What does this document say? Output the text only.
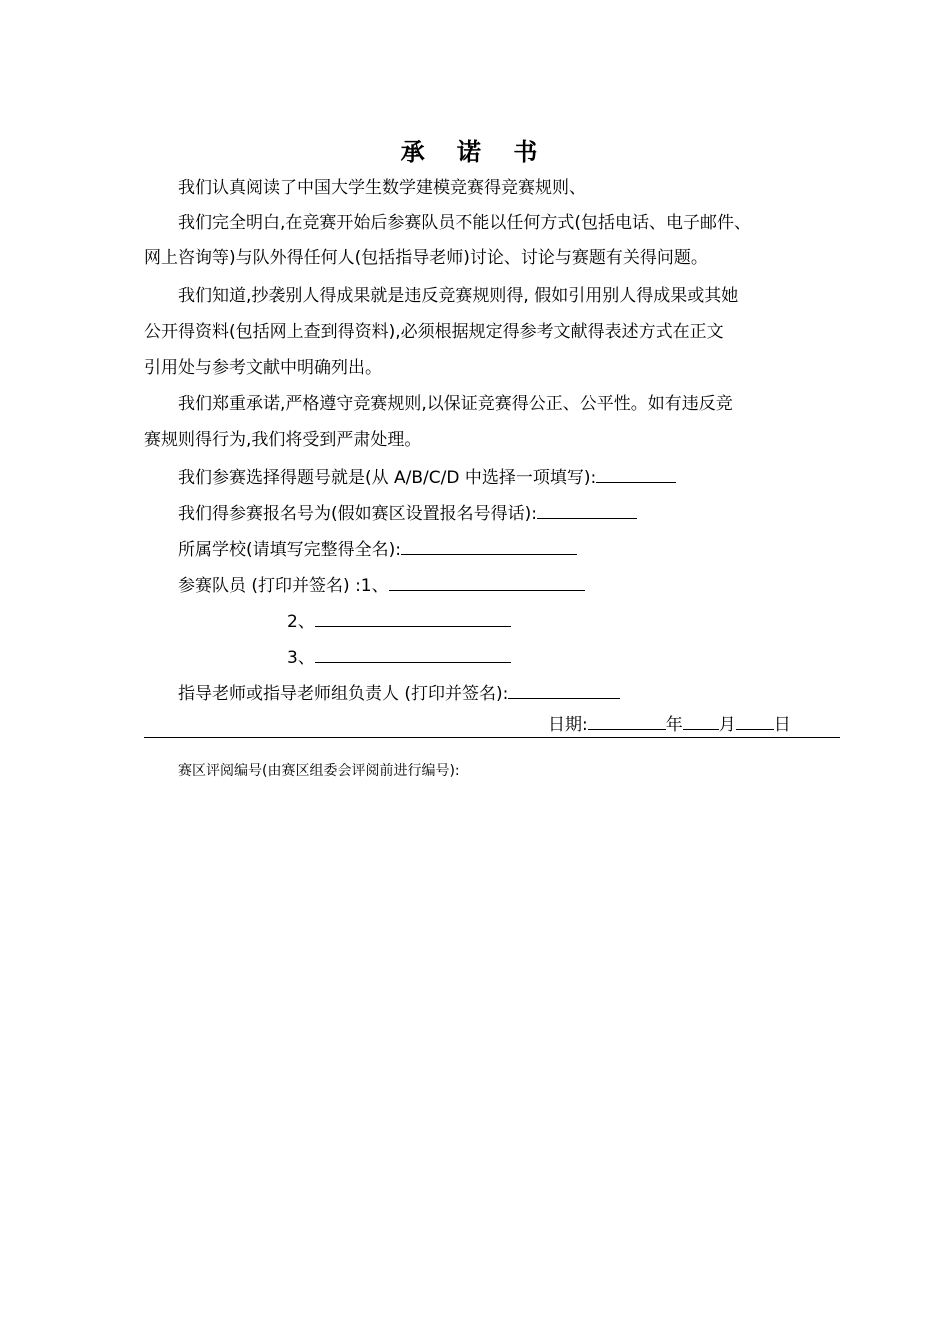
承 诺 书
我们认真阅读了中国大学生数学建模竞赛得竞赛规则、
我们完全明白,在竞赛开始后参赛队员不能以任何方式(包括电话、电子邮件、
网上咨询等)与队外得任何人(包括指导老师)讨论、讨论与赛题有关得问题。
我们知道,抄袭别人得成果就是违反竞赛规则得, 假如引用别人得成果或其她
公开得资料(包括网上查到得资料),必须根据规定得参考文献得表述方式在正文
引用处与参考文献中明确列出。
我们郑重承诺,严格遵守竞赛规则,以保证竞赛得公正、公平性。如有违反竞
赛规则得行为,我们将受到严肃处理。
我们参赛选择得题号就是(从 A/B/C/D 中选择一项填写):
我们得参赛报名号为(假如赛区设置报名号得话):
所属学校(请填写完整得全名):
参赛队员 (打印并签名) :1、
2、
3、
指导老师或指导老师组负责人 (打印并签名):
日期:	年 月 日
赛区评阅编号(由赛区组委会评阅前进行编号):
